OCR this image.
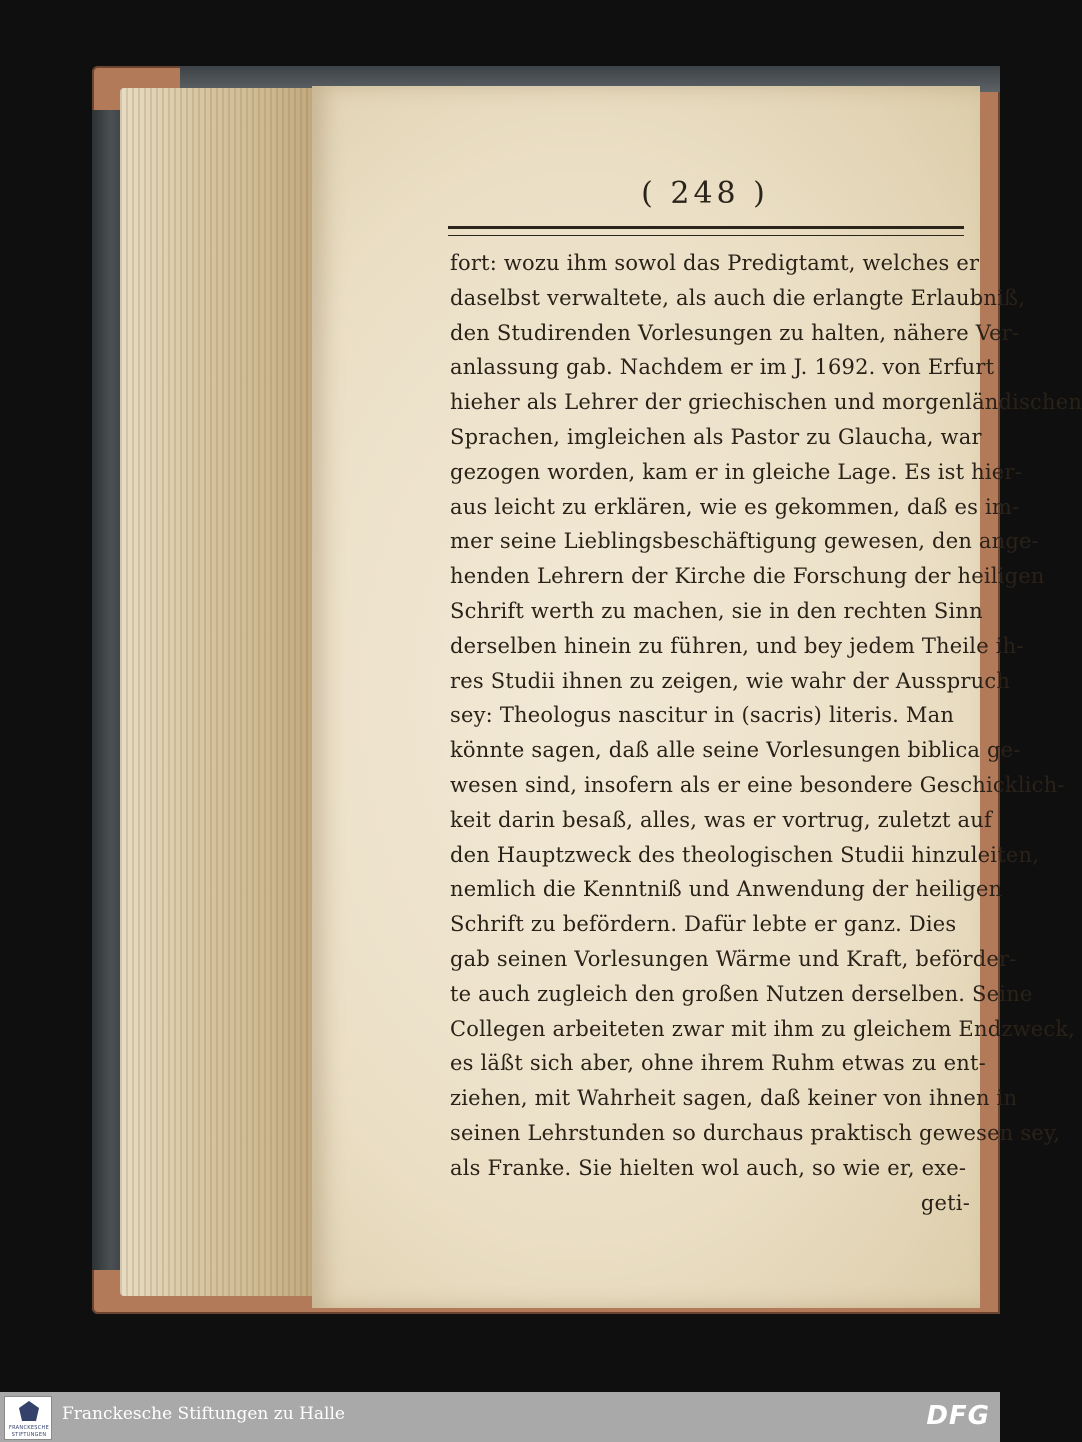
( 248 )
fort: wozu ihm sowol das Predigtamt, welches er
daselbst verwaltete, als auch die erlangte Erlaubniß,
den Studirenden Vorlesungen zu halten, nähere Ver-
anlassung gab. Nachdem er im J. 1692. von Erfurt
hieher als Lehrer der griechischen und morgenländischen
Sprachen, imgleichen als Pastor zu Glaucha, war
gezogen worden, kam er in gleiche Lage. Es ist hier-
aus leicht zu erklären, wie es gekommen, daß es im-
mer seine Lieblingsbeschäftigung gewesen, den ange-
henden Lehrern der Kirche die Forschung der heiligen
Schrift werth zu machen, sie in den rechten Sinn
derselben hinein zu führen, und bey jedem Theile ih-
res Studii ihnen zu zeigen, wie wahr der Ausspruch
sey: Theologus nascitur in (sacris) literis. Man
könnte sagen, daß alle seine Vorlesungen biblica ge-
wesen sind, insofern als er eine besondere Geschicklich-
keit darin besaß, alles, was er vortrug, zuletzt auf
den Hauptzweck des theologischen Studii hinzuleiten,
nemlich die Kenntniß und Anwendung der heiligen
Schrift zu befördern. Dafür lebte er ganz. Dies
gab seinen Vorlesungen Wärme und Kraft, beförder-
te auch zugleich den großen Nutzen derselben. Seine
Collegen arbeiteten zwar mit ihm zu gleichem Endzweck,
es läßt sich aber, ohne ihrem Ruhm etwas zu ent-
ziehen, mit Wahrheit sagen, daß keiner von ihnen in
seinen Lehrstunden so durchaus praktisch gewesen sey,
als Franke. Sie hielten wol auch, so wie er, exe-
geti-
FRANCKESCHE
STIFTUNGEN
Franckesche Stiftungen zu Halle	DFG
